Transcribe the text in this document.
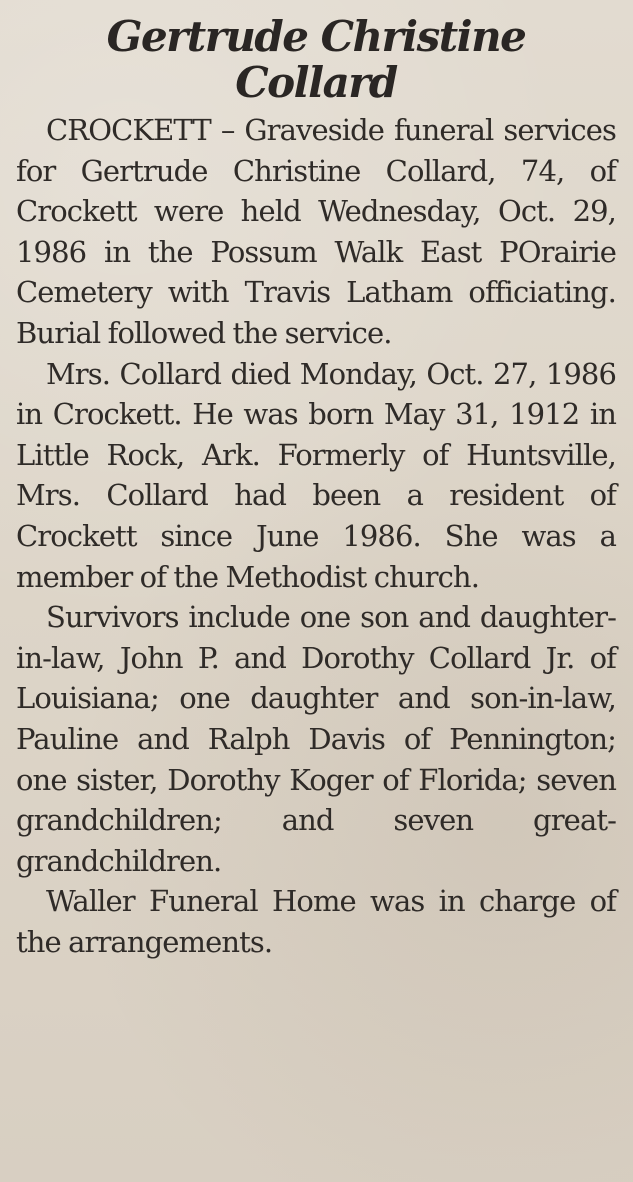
Gertrude Christine
Collard

CROCKETT – Graveside funeral services for Gertrude Christine Collard, 74, of Crockett were held Wednesday, Oct. 29, 1986 in the Possum Walk East POrairie Cemetery with Travis Latham officiating. Burial followed the service.

Mrs. Collard died Monday, Oct. 27, 1986 in Crockett. He was born May 31, 1912 in Little Rock, Ark. Formerly of Huntsville, Mrs. Collard had been a resident of Crockett since June 1986. She was a member of the Methodist church.

Survivors include one son and daughter-in-law, John P. and Dorothy Collard Jr. of Louisiana; one daughter and son-in-law, Pauline and Ralph Davis of Pennington; one sister, Dorothy Koger of Florida; seven grandchildren; and seven great-grandchildren.

Waller Funeral Home was in charge of the arrangements.
